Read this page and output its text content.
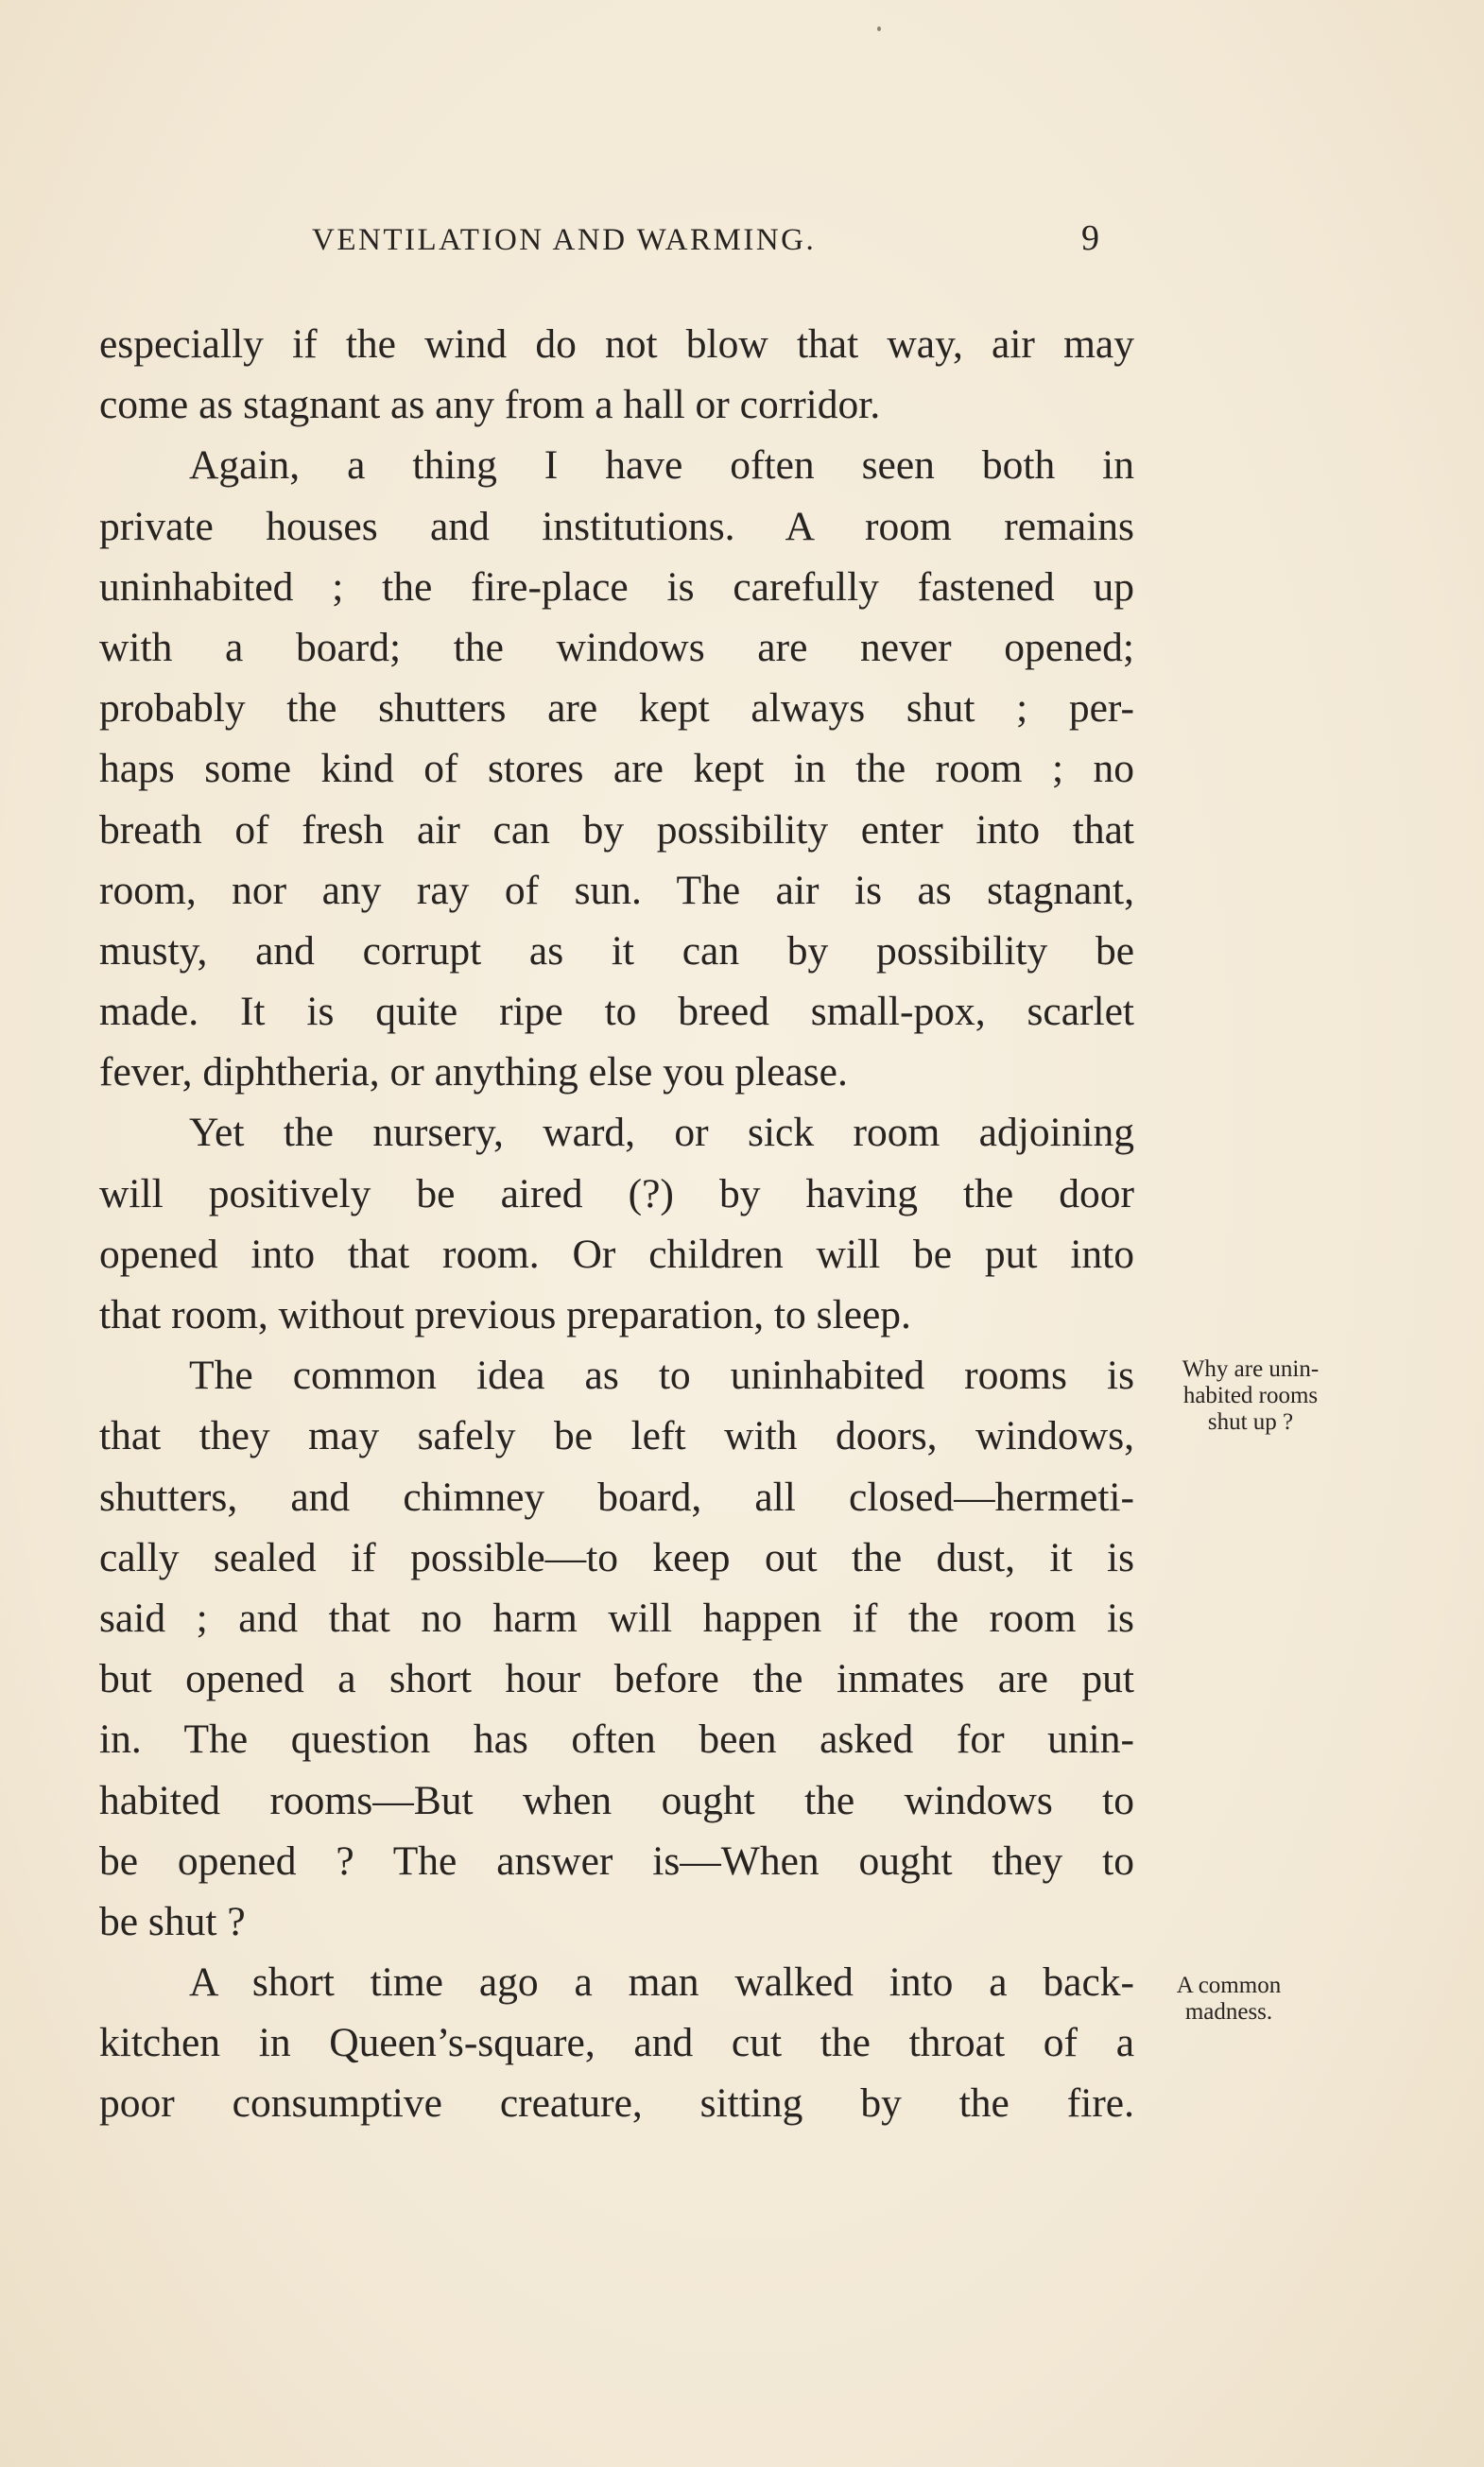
VENTILATION AND WARMING.	9
especially if the wind do not blow that way, air may
come as stagnant as any from a hall or corridor.
Again, a thing I have often seen both in
private houses and institutions. A room remains
uninhabited ; the fire-place is carefully fastened up
with a board; the windows are never opened;
probably the shutters are kept always shut ; per-
haps some kind of stores are kept in the room ; no
breath of fresh air can by possibility enter into that
room, nor any ray of sun. The air is as stagnant,
musty, and corrupt as it can by possibility be
made. It is quite ripe to breed small-pox, scarlet
fever, diphtheria, or anything else you please.
Yet the nursery, ward, or sick room adjoining
will positively be aired (?) by having the door
opened into that room. Or children will be put into
that room, without previous preparation, to sleep.
The common idea as to uninhabited rooms is
that they may safely be left with doors, windows,
shutters, and chimney board, all closed—hermeti-
cally sealed if possible—to keep out the dust, it is
said ; and that no harm will happen if the room is
but opened a short hour before the inmates are put
in. The question has often been asked for unin-
habited rooms—But when ought the windows to
be opened ? The answer is—When ought they to
be shut ?
A short time ago a man walked into a back-
kitchen in Queen’s-square, and cut the throat of a
poor consumptive creature, sitting by the fire.
Why are unin-
habited rooms
shut up ?
A common
madness.
